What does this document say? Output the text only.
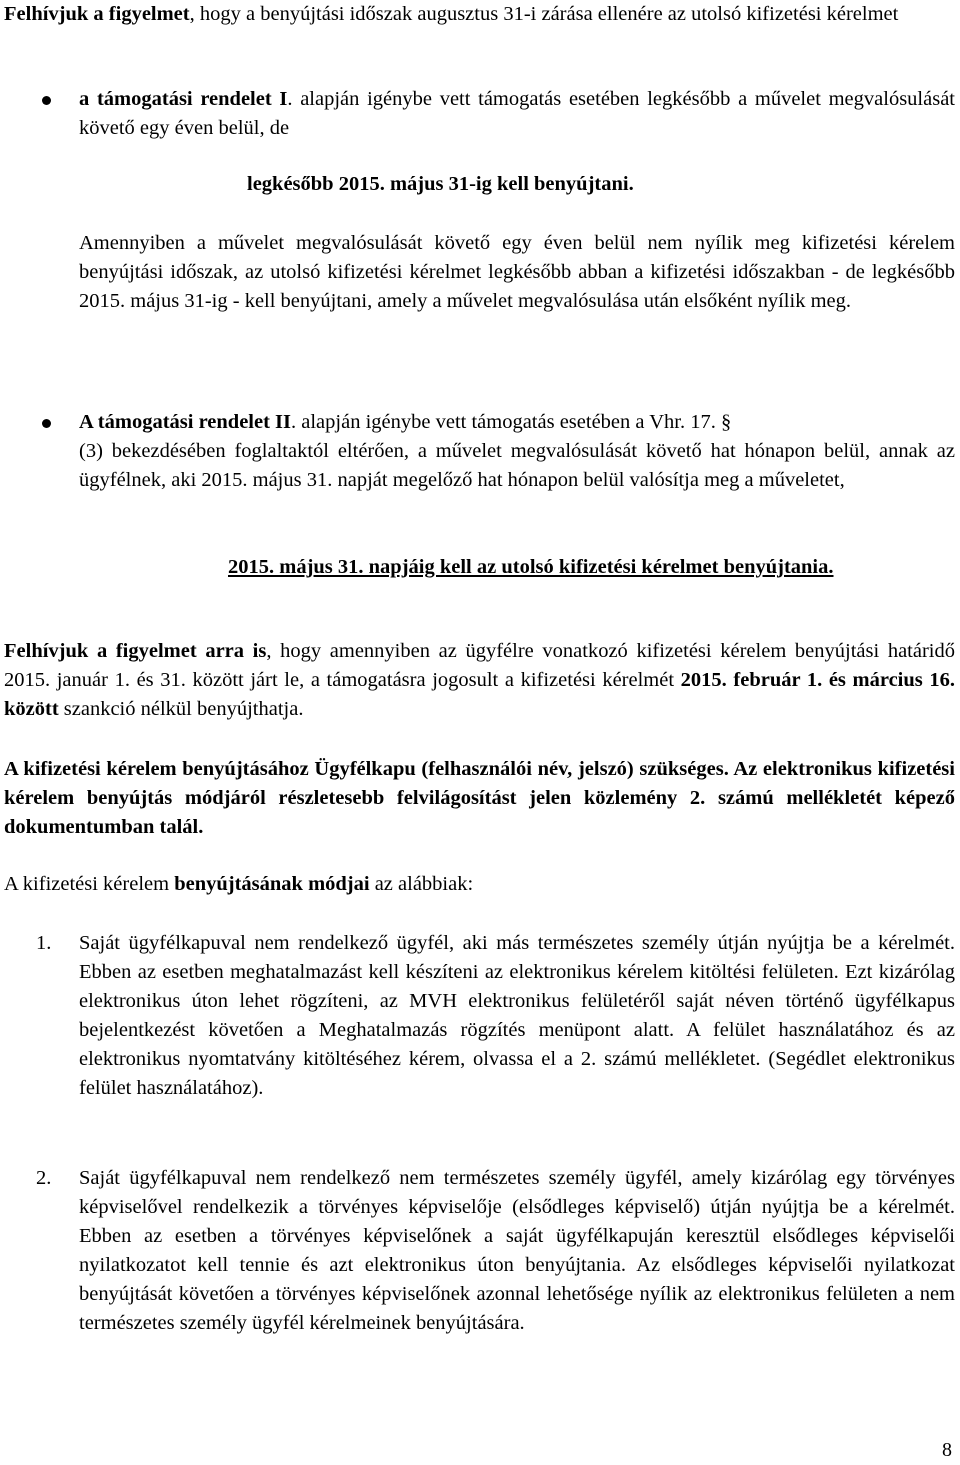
Felhívjuk a figyelmet, hogy a benyújtási időszak augusztus 31-i zárása ellenére az utolsó kifizetési kérelmet

a támogatási rendelet I. alapján igénybe vett támogatás esetében legkésőbb a művelet megvalósulását követő egy éven belül, de

legkésőbb 2015. május 31-ig kell benyújtani.

Amennyiben a művelet megvalósulását követő egy éven belül nem nyílik meg kifizetési kérelem benyújtási időszak, az utolsó kifizetési kérelmet legkésőbb abban a kifizetési időszakban - de legkésőbb 2015. május 31-ig - kell benyújtani, amely a művelet megvalósulása után elsőként nyílik meg.

A támogatási rendelet II. alapján igénybe vett támogatás esetében a Vhr. 17. §

(3) bekezdésében foglaltaktól eltérően, a művelet megvalósulását követő hat hónapon belül, annak az ügyfélnek, aki 2015. május 31. napját megelőző hat hónapon belül valósítja meg a műveletet,

2015. május 31. napjáig kell az utolsó kifizetési kérelmet benyújtania.

Felhívjuk a figyelmet arra is, hogy amennyiben az ügyfélre vonatkozó kifizetési kérelem benyújtási határidő 2015. január 1. és 31. között járt le, a támogatásra jogosult a kifizetési kérelmét 2015. február 1. és március 16. között szankció nélkül benyújthatja.

A kifizetési kérelem benyújtásához Ügyfélkapu (felhasználói név, jelszó) szükséges. Az elektronikus kifizetési kérelem benyújtás módjáról részletesebb felvilágosítást jelen közlemény 2. számú mellékletét képező dokumentumban talál.

A kifizetési kérelem benyújtásának módjai az alábbiak:

1. Saját ügyfélkapuval nem rendelkező ügyfél, aki más természetes személy útján nyújtja be a kérelmét. Ebben az esetben meghatalmazást kell készíteni az elektronikus kérelem kitöltési felületen. Ezt kizárólag elektronikus úton lehet rögzíteni, az MVH elektronikus felületéről saját néven történő ügyfélkapus bejelentkezést követően a Meghatalmazás rögzítés menüpont alatt. A felület használatához és az elektronikus nyomtatvány kitöltéséhez kérem, olvassa el a 2. számú mellékletet. (Segédlet elektronikus felület használatához).

2. Saját ügyfélkapuval nem rendelkező nem természetes személy ügyfél, amely kizárólag egy törvényes képviselővel rendelkezik a törvényes képviselője (elsődleges képviselő) útján nyújtja be a kérelmét. Ebben az esetben a törvényes képviselőnek a saját ügyfélkapuján keresztül elsődleges képviselői nyilatkozatot kell tennie és azt elektronikus úton benyújtania. Az elsődleges képviselői nyilatkozat benyújtását követően a törvényes képviselőnek azonnal lehetősége nyílik az elektronikus felületen a nem természetes személy ügyfél kérelmeinek benyújtására.

8
